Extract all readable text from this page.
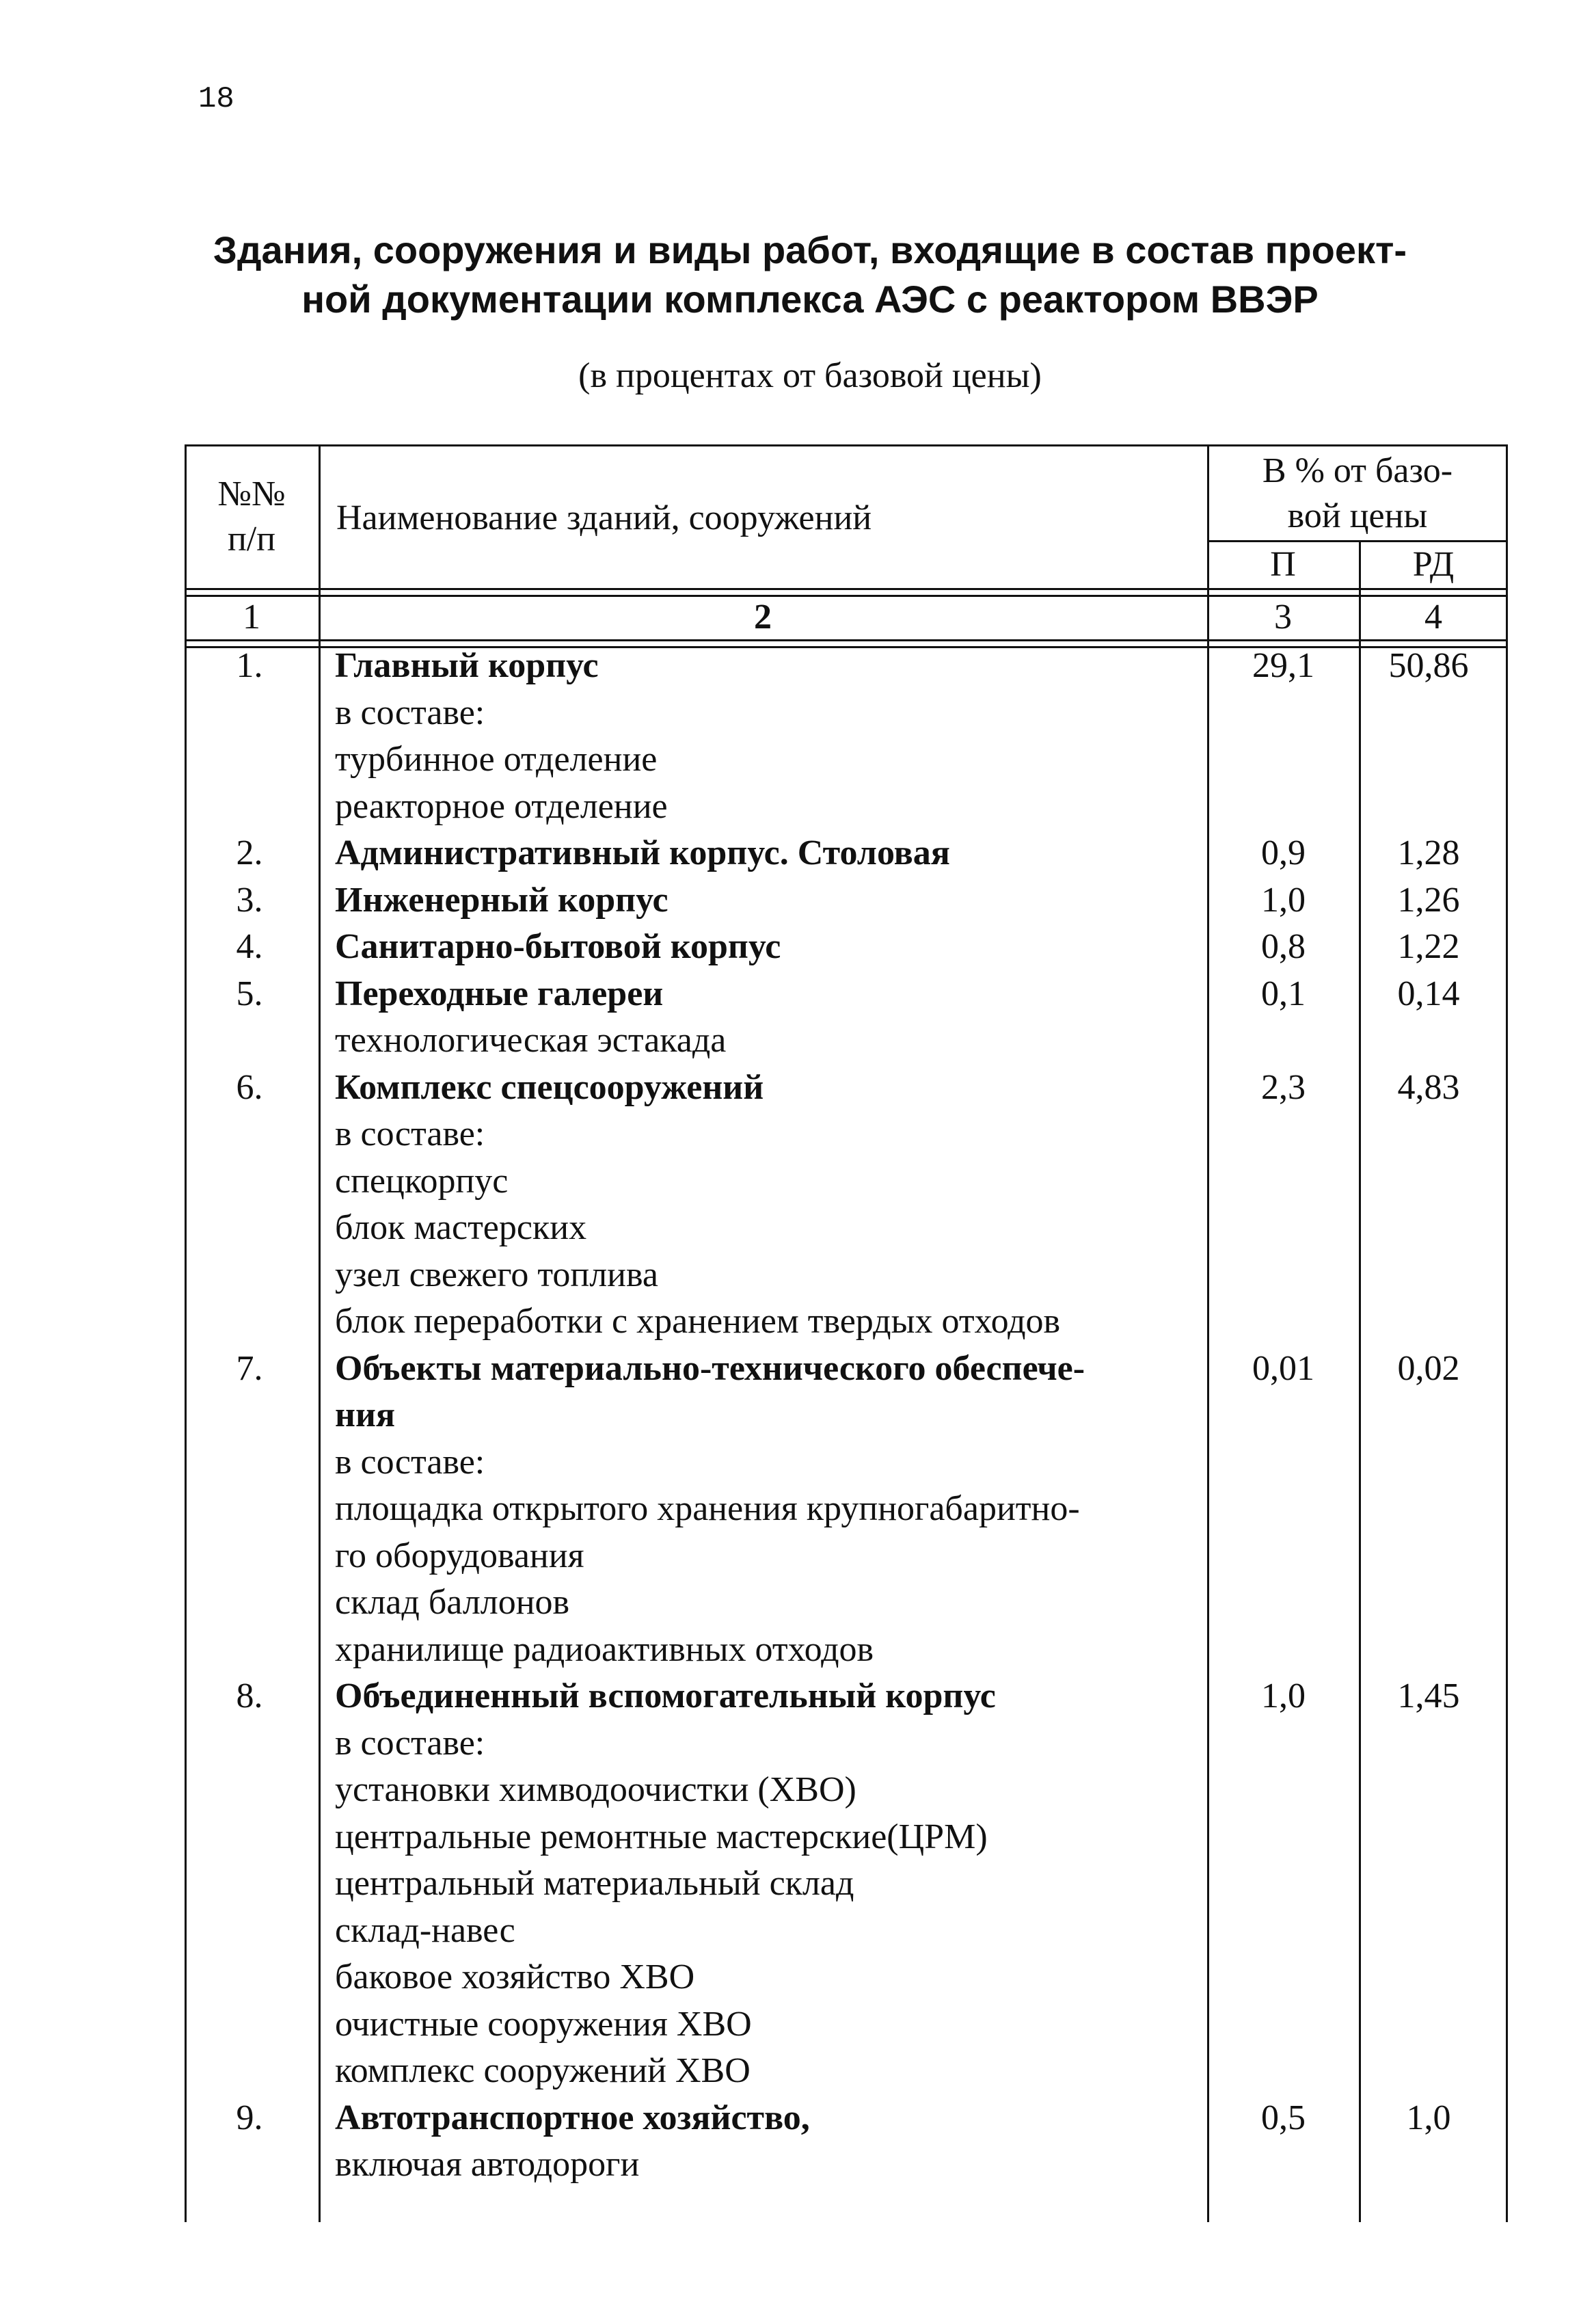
18
Здания, сооружения и виды работ, входящие в состав проект-
ной документации комплекса АЭС с реактором ВВЭР
(в процентах от базовой цены)
№№
п/п
Наименование зданий, сооружений
В % от базо-
вой цены
П	РД
1	2	3	4
1.	Главный корпус	29,1	50,86
в составе:
турбинное отделение
реакторное отделение
2.	Административный корпус. Столовая	0,9	1,28
3.	Инженерный корпус	1,0	1,26
4.	Санитарно-бытовой корпус	0,8	1,22
5.	Переходные галереи	0,1	0,14
технологическая эстакада
6.	Комплекс спецсооружений	2,3	4,83
в составе:
спецкорпус
блок мастерских
узел свежего топлива
блок переработки с хранением твердых отходов
7.	Объекты материально-технического обеспече-	0,01	0,02
ния
в составе:
площадка открытого хранения крупногабаритно-
го оборудования
склад баллонов
хранилище радиоактивных отходов
8.	Объединенный вспомогательный корпус	1,0	1,45
в составе:
установки химводоочистки (ХВО)
центральные ремонтные мастерские(ЦРМ)
центральный материальный склад
склад-навес
баковое хозяйство ХВО
очистные сооружения ХВО
комплекс сооружений ХВО
9.	Автотранспортное хозяйство,	0,5	1,0
включая автодороги
